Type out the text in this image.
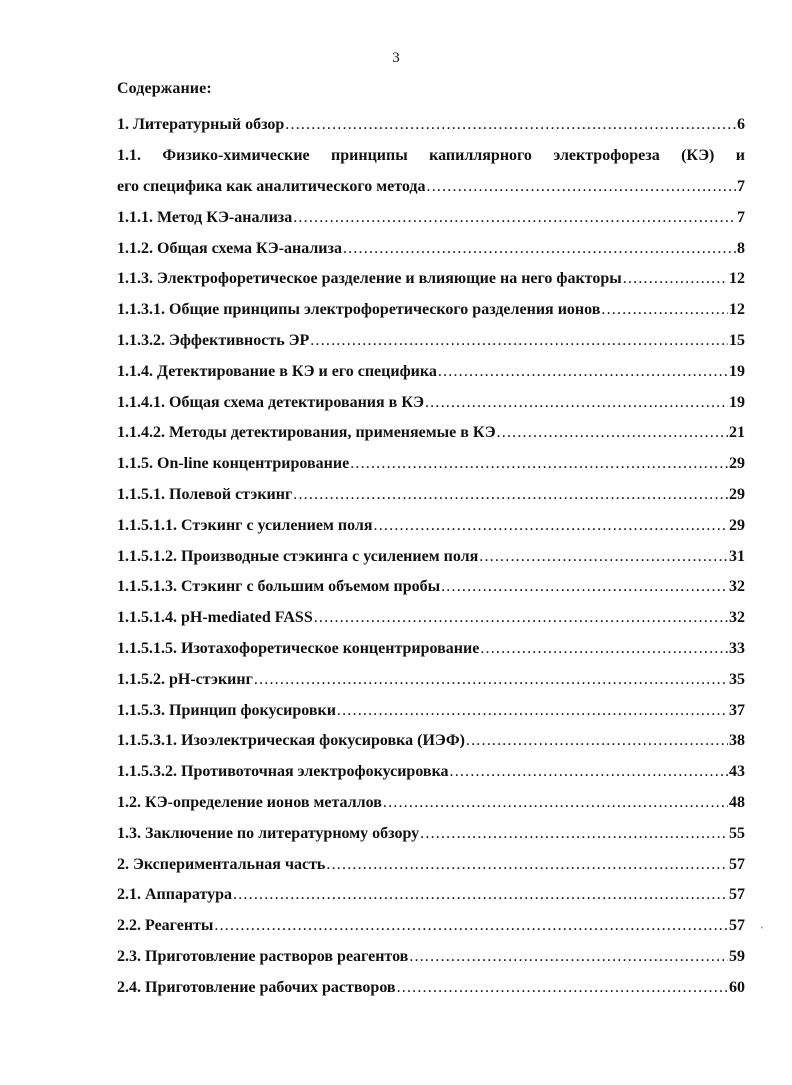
3
Содержание:
1. Литературный обзор .....	6
1.1. Физико-химические принципы капиллярного электрофореза (КЭ) и
его специфика как аналитического метода .....	7
1.1.1. Метод КЭ-анализа .....	7
1.1.2. Общая схема КЭ-анализа .....	8
1.1.3. Электрофоретическое разделение и влияющие на него факторы .....	12
1.1.3.1. Общие принципы электрофоретического разделения ионов .....	12
1.1.3.2. Эффективность ЭР .....	15
1.1.4. Детектирование в КЭ и его специфика .....	19
1.1.4.1. Общая схема детектирования в КЭ .....	19
1.1.4.2. Методы детектирования, применяемые в КЭ .....	21
1.1.5. On-line концентрирование .....	29
1.1.5.1. Полевой стэкинг .....	29
1.1.5.1.1. Стэкинг с усилением поля .....	29
1.1.5.1.2. Производные стэкинга с усилением поля .....	31
1.1.5.1.3. Стэкинг с большим объемом пробы .....	32
1.1.5.1.4. pH-mediated FASS .....	32
1.1.5.1.5. Изотахофоретическое концентрирование .....	33
1.1.5.2. pH-стэкинг .....	35
1.1.5.3. Принцип фокусировки .....	37
1.1.5.3.1. Изоэлектрическая фокусировка (ИЭФ) .....	38
1.1.5.3.2. Противоточная электрофокусировка .....	43
1.2. КЭ-определение ионов металлов .....	48
1.3. Заключение по литературному обзору .....	55
2. Экспериментальная часть .....	57
2.1. Аппаратура .....	57
2.2. Реагенты .....	57
2.3. Приготовление растворов реагентов .....	59
2.4. Приготовление рабочих растворов .....	60
`
